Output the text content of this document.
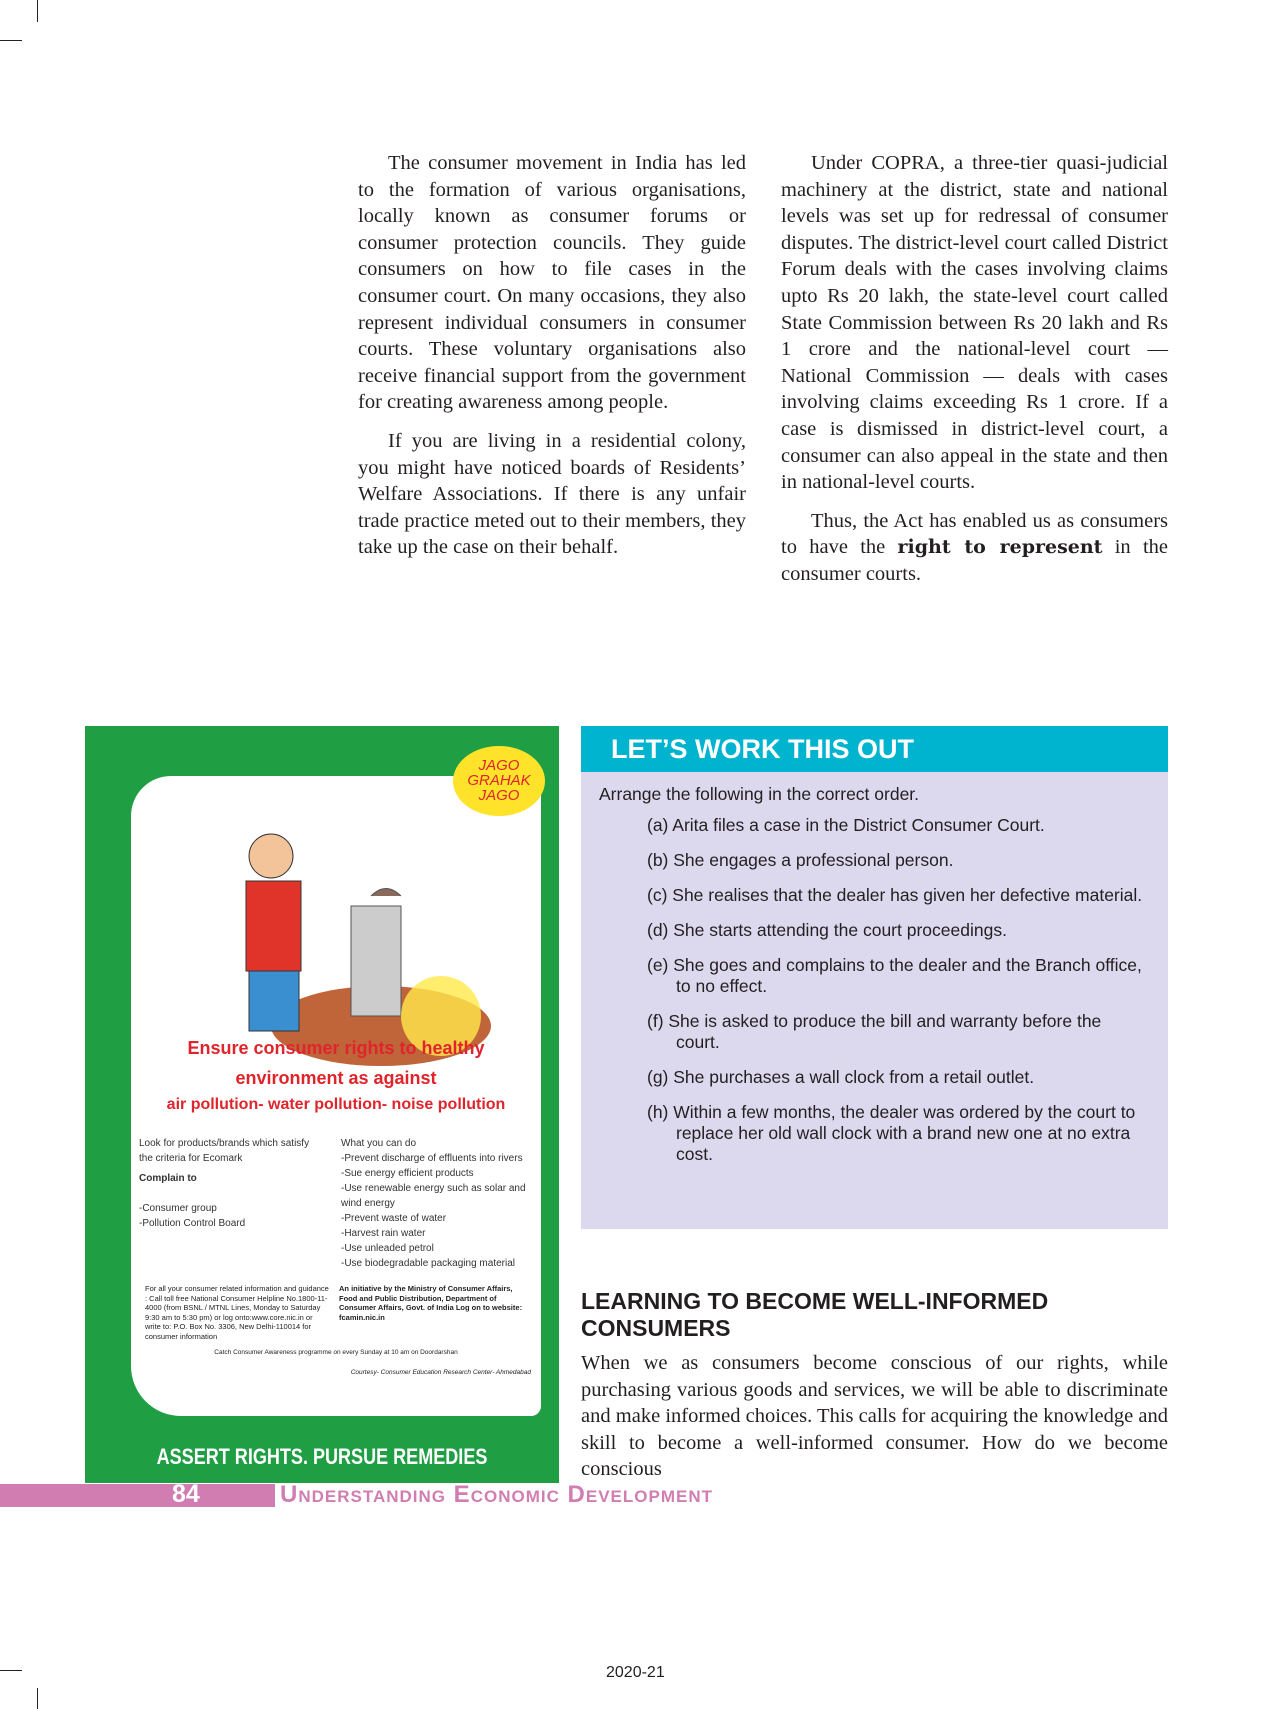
The consumer movement in India has led to the formation of various organisations, locally known as consumer forums or consumer protection councils. They guide consumers on how to file cases in the consumer court. On many occasions, they also represent individual consumers in consumer courts. These voluntary organisations also receive financial support from the government for creating awareness among people.

If you are living in a residential colony, you might have noticed boards of Residents’ Welfare Associations. If there is any unfair trade practice meted out to their members, they take up the case on their behalf.

Under COPRA, a three-tier quasi-judicial machinery at the district, state and national levels was set up for redressal of consumer disputes. The district-level court called District Forum deals with the cases involving claims upto Rs 20 lakh, the state-level court called State Commission between Rs 20 lakh and Rs 1 crore and the national-level court — National Commission — deals with cases involving claims exceeding Rs 1 crore. If a case is dismissed in district-level court, a consumer can also appeal in the state and then in national-level courts.

Thus, the Act has enabled us as consumers to have the right to represent in the consumer courts.

Ensure consumer rights to healthy
environment as against
air pollution- water pollution- noise pollution
Look for products/brands which satisfy the criteria for Ecomark
Complain to
-Consumer group
-Pollution Control Board
What you can do
-Prevent discharge of effluents into rivers
-Sue energy efficient products
-Use renewable energy such as solar and wind energy
-Prevent waste of water
-Harvest rain water
-Use unleaded petrol
-Use biodegradable packaging material
For all your consumer related information and guidance : Call toll free National Consumer Helpline No.1800-11-4000 (from BSNL / MTNL Lines, Monday to Saturday 9:30 am to 5:30 pm) or log onto:www.core.nic.in or write to: P.O. Box No. 3306, New Delhi-110014 for consumer information
An initiative by the Ministry of Consumer Affairs, Food and Public Distribution, Department of Consumer Affairs, Govt. of India Log on to website: fcamin.nic.in
Catch Consumer Awareness programme on every Sunday at 10 am on Doordarshan
Courtesy- Consumer Education Research Center- Ahmedabad
JAGO GRAHAK JAGO
ASSERT RIGHTS. PURSUE REMEDIES
LET’S WORK THIS OUT
Arrange the following in the correct order.
(a) Arita files a case in the District Consumer Court.
(b) She engages a professional person.
(c) She realises that the dealer has given her defective material.
(d) She starts attending the court proceedings.
(e) She goes and complains to the dealer and the Branch office, to no effect.
(f) She is asked to produce the bill and warranty before the court.
(g) She purchases a wall clock from a retail outlet.
(h) Within a few months, the dealer was ordered by the court to replace her old wall clock with a brand new one at no extra cost.
LEARNING TO BECOME WELL-INFORMED CONSUMERS

When we as consumers become conscious of our rights, while purchasing various goods and services, we will be able to discriminate and make informed choices. This calls for acquiring the knowledge and skill to become a well-informed consumer. How do we become conscious

84	Understanding Economic Development
2020-21
